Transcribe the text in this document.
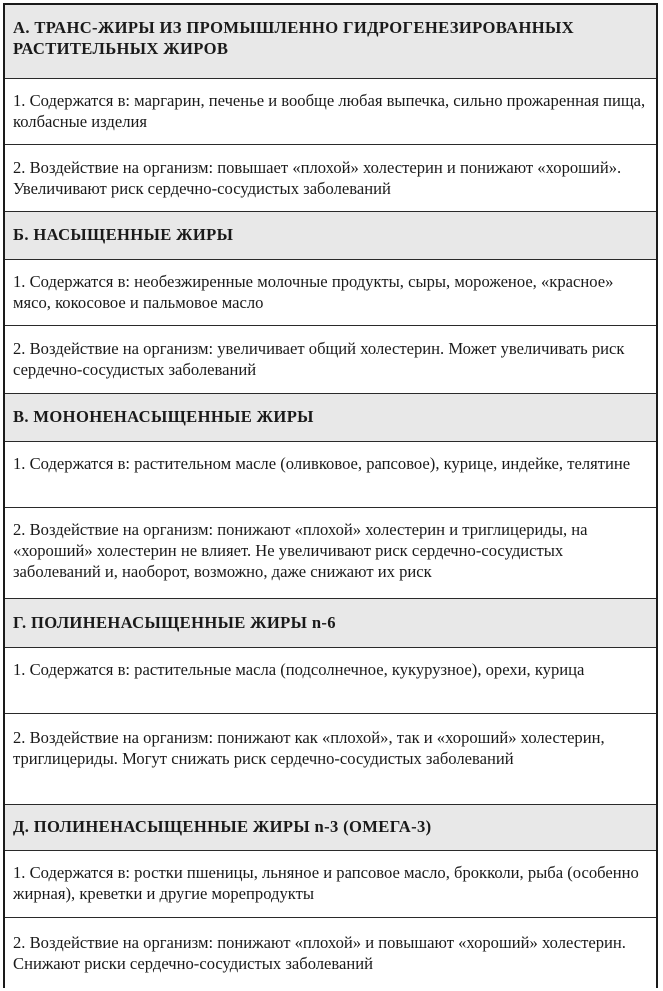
А. ТРАНС-ЖИРЫ ИЗ ПРОМЫШЛЕННО ГИДРОГЕНЕЗИРОВАННЫХ РАСТИТЕЛЬНЫХ ЖИРОВ
1. Содержатся в: маргарин, печенье и вообще любая выпечка, сильно прожаренная пища, колбасные изделия
2. Воздействие на организм: повышает «плохой» холестерин и понижают «хороший». Увеличивают риск сердечно-сосудистых заболеваний
Б. НАСЫЩЕННЫЕ ЖИРЫ
1. Содержатся в: необезжиренные молочные продукты, сыры, мороженое, «красное» мясо, кокосовое и пальмовое масло
2. Воздействие на организм: увеличивает общий холестерин. Может увеличивать риск сердечно-сосудистых заболеваний
В. МОНОНЕНАСЫЩЕННЫЕ ЖИРЫ
1. Содержатся в: растительном масле (оливковое, рапсовое), курице, индейке, телятине
2. Воздействие на организм: понижают «плохой» холестерин и триглицериды, на «хороший» холестерин не влияет. Не увеличивают риск сердечно-сосудистых заболеваний и, наоборот, возможно, даже снижают их риск
Г. ПОЛИНЕНАСЫЩЕННЫЕ ЖИРЫ n-6
1. Содержатся в: растительные масла (подсолнечное, кукурузное), орехи, курица
2. Воздействие на организм: понижают как «плохой», так и «хороший» холестерин, триглицериды. Могут снижать риск сердечно-сосудистых заболеваний
Д. ПОЛИНЕНАСЫЩЕННЫЕ ЖИРЫ n-3 (ОМЕГА-3)
1. Содержатся в: ростки пшеницы, льняное и рапсовое масло, брокколи, рыба (особенно жирная), креветки и другие морепродукты
2. Воздействие на организм: понижают «плохой» и повышают «хороший» холестерин. Снижают риски сердечно-сосудистых заболеваний
